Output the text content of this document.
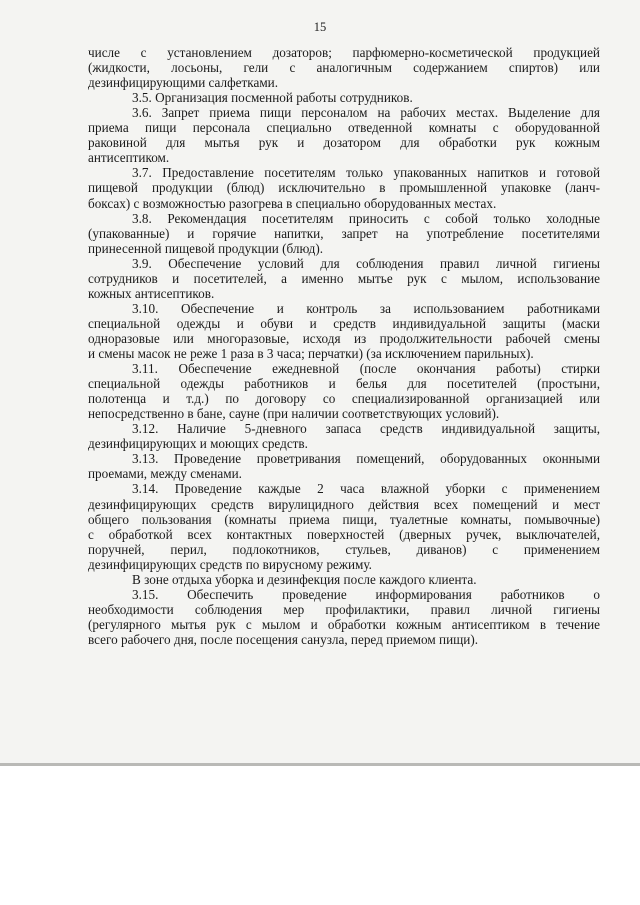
15
числе с установлением дозаторов; парфюмерно-косметической продукцией
(жидкости, лосьоны, гели с аналогичным содержанием спиртов) или
дезинфицирующими салфетками.
3.5. Организация посменной работы сотрудников.
3.6. Запрет приема пищи персоналом на рабочих местах. Выделение для
приема пищи персонала специально отведенной комнаты с оборудованной
раковиной для мытья рук и дозатором для обработки рук кожным
антисептиком.
3.7. Предоставление посетителям только упакованных напитков и готовой
пищевой продукции (блюд) исключительно в промышленной упаковке (ланч-
боксах) с возможностью разогрева в специально оборудованных местах.
3.8. Рекомендация посетителям приносить с собой только холодные
(упакованные) и горячие напитки, запрет на употребление посетителями
принесенной пищевой продукции (блюд).
3.9. Обеспечение условий для соблюдения правил личной гигиены
сотрудников и посетителей, а именно мытье рук с мылом, использование
кожных антисептиков.
3.10. Обеспечение и контроль за использованием работниками
специальной одежды и обуви и средств индивидуальной защиты (маски
одноразовые или многоразовые, исходя из продолжительности рабочей смены
и смены масок не реже 1 раза в 3 часа; перчатки) (за исключением парильных).
3.11. Обеспечение ежедневной (после окончания работы) стирки
специальной одежды работников и белья для посетителей (простыни,
полотенца и т.д.) по договору со специализированной организацией или
непосредственно в бане, сауне (при наличии соответствующих условий).
3.12. Наличие 5-дневного запаса средств индивидуальной защиты,
дезинфицирующих и моющих средств.
3.13. Проведение проветривания помещений, оборудованных оконными
проемами, между сменами.
3.14. Проведение каждые 2 часа влажной уборки с применением
дезинфицирующих средств вирулицидного действия всех помещений и мест
общего пользования (комнаты приема пищи, туалетные комнаты, помывочные)
с обработкой всех контактных поверхностей (дверных ручек, выключателей,
поручней, перил, подлокотников, стульев, диванов) с применением
дезинфицирующих средств по вирусному режиму.
В зоне отдыха уборка и дезинфекция после каждого клиента.
3.15. Обеспечить проведение информирования работников о
необходимости соблюдения мер профилактики, правил личной гигиены
(регулярного мытья рук с мылом и обработки кожным антисептиком в течение
всего рабочего дня, после посещения санузла, перед приемом пищи).
